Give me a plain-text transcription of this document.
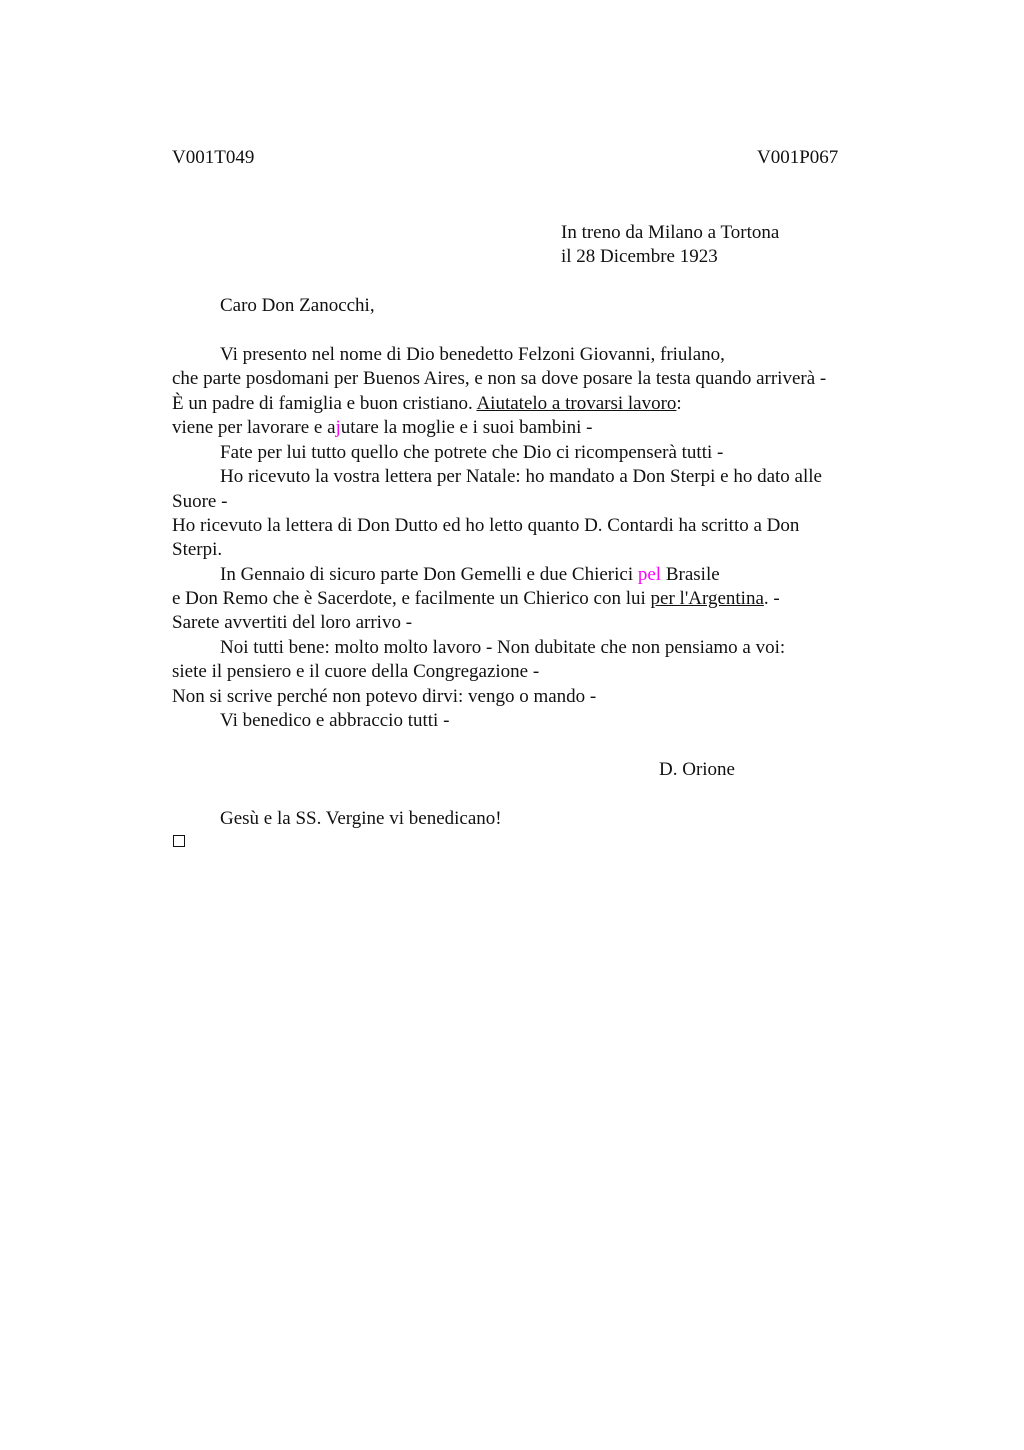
V001T049	V001P067
In treno da Milano a Tortona
il 28 Dicembre 1923
Caro Don Zanocchi,
Vi presento nel nome di Dio benedetto Felzoni Giovanni, friulano,
che parte posdomani per Buenos Aires, e non sa dove posare la testa quando arriverà -
È un padre di famiglia e buon cristiano. Aiutatelo a trovarsi lavoro:
viene per lavorare e ajutare la moglie e i suoi bambini -
Fate per lui tutto quello che potrete che Dio ci ricompenserà tutti -
Ho ricevuto la vostra lettera per Natale: ho mandato a Don Sterpi e ho dato alle
Suore -
Ho ricevuto la lettera di Don Dutto ed ho letto quanto D. Contardi ha scritto a Don
Sterpi.
In Gennaio di sicuro parte Don Gemelli e due Chierici pel Brasile
e Don Remo che è Sacerdote, e facilmente un Chierico con lui per l'Argentina. -
Sarete avvertiti del loro arrivo -
Noi tutti bene: molto molto lavoro - Non dubitate che non pensiamo a voi:
siete il pensiero e il cuore della Congregazione -
Non si scrive perché non potevo dirvi: vengo o mando -
Vi benedico e abbraccio tutti -
D. Orione
Gesù e la SS. Vergine vi benedicano!
